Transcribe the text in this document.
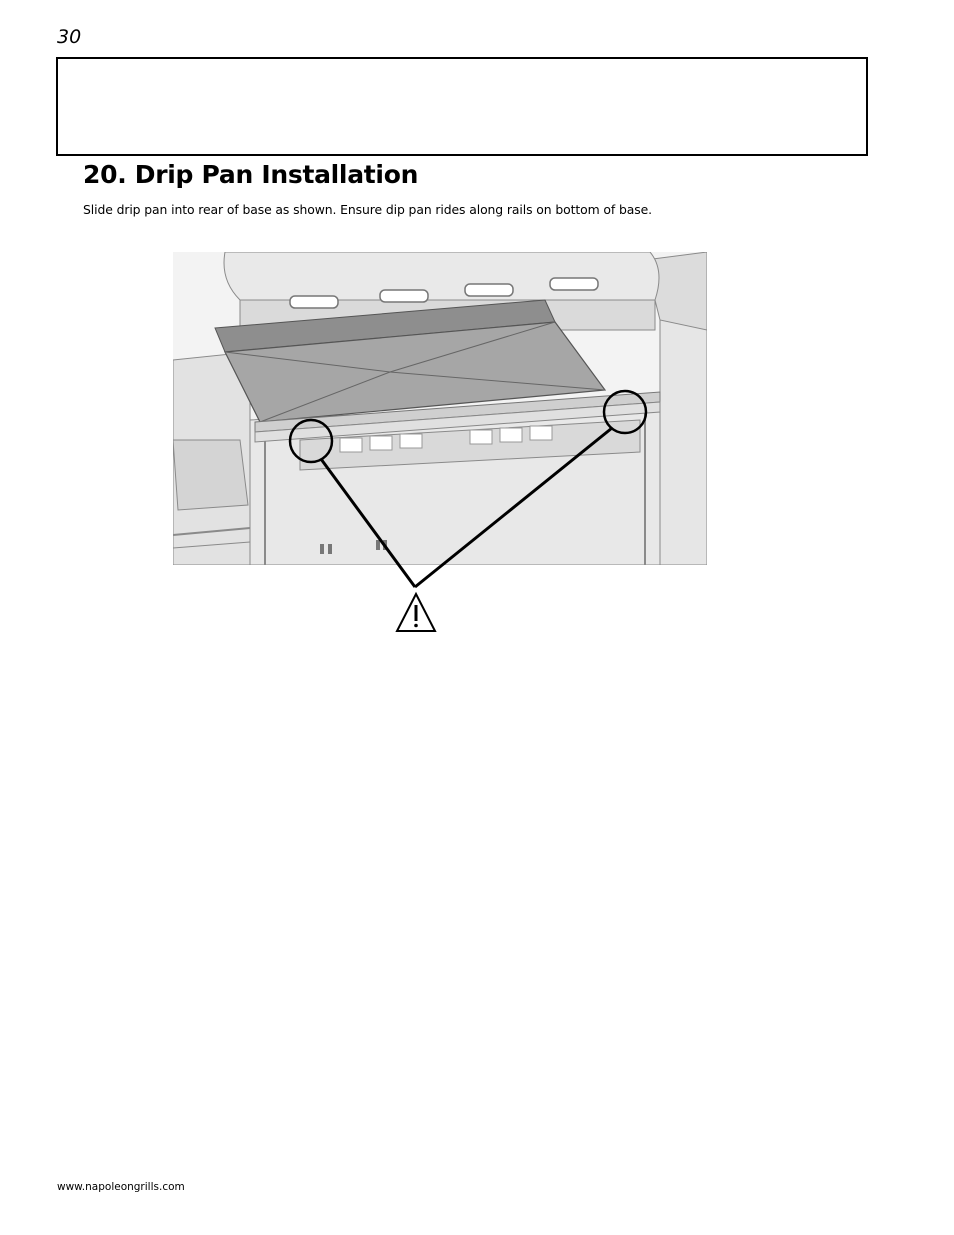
30
20. Drip Pan Installation

Slide drip pan into rear of base as shown. Ensure dip pan rides along rails on bottom of base.

www.napoleongrills.com
